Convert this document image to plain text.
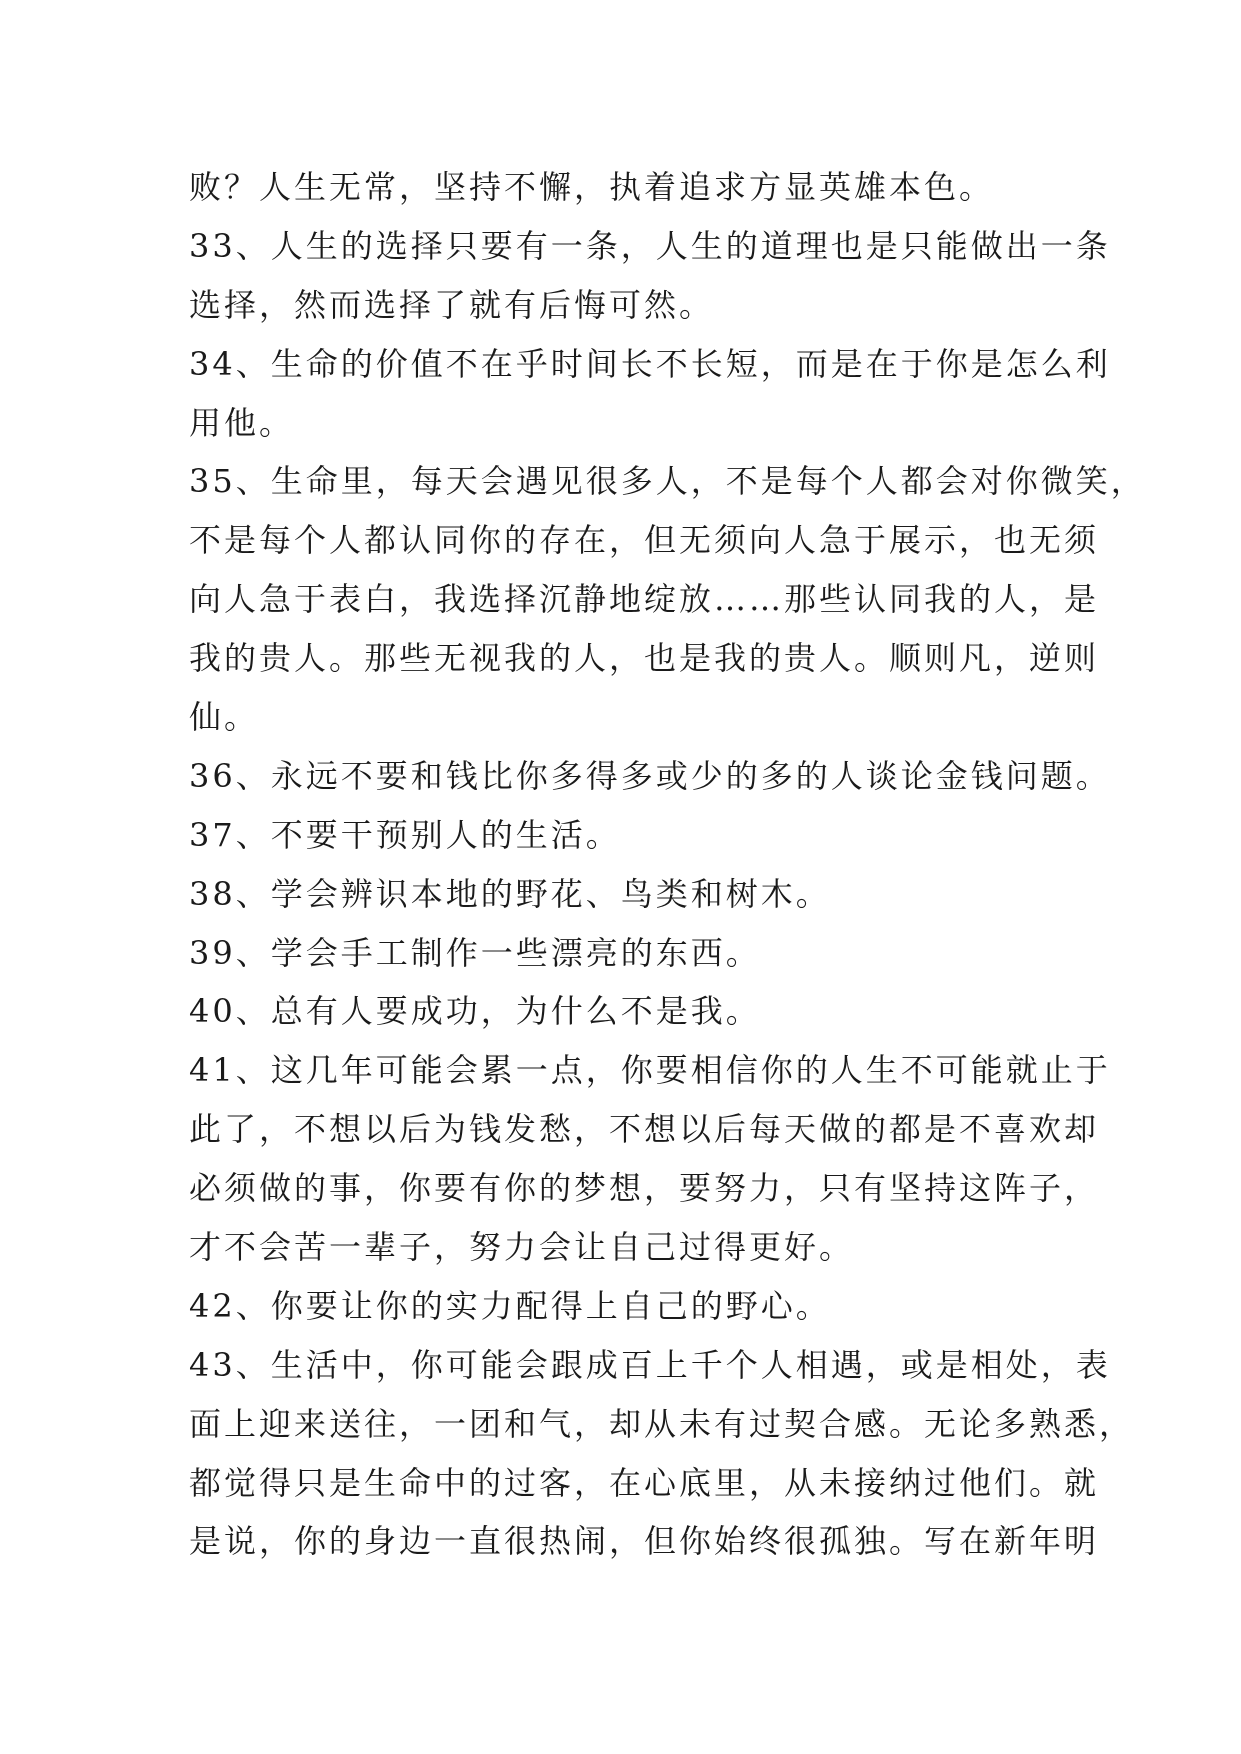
败？人生无常，坚持不懈，执着追求方显英雄本色。
33、人生的选择只要有一条，人生的道理也是只能做出一条
选择，然而选择了就有后悔可然。
34、生命的价值不在乎时间长不长短，而是在于你是怎么利
用他。
35、生命里，每天会遇见很多人，不是每个人都会对你微笑，
不是每个人都认同你的存在，但无须向人急于展示，也无须
向人急于表白，我选择沉静地绽放……那些认同我的人，是
我的贵人。那些无视我的人，也是我的贵人。顺则凡，逆则
仙。
36、永远不要和钱比你多得多或少的多的人谈论金钱问题。
37、不要干预别人的生活。
38、学会辨识本地的野花、鸟类和树木。
39、学会手工制作一些漂亮的东西。
40、总有人要成功，为什么不是我。
41、这几年可能会累一点，你要相信你的人生不可能就止于
此了，不想以后为钱发愁，不想以后每天做的都是不喜欢却
必须做的事，你要有你的梦想，要努力，只有坚持这阵子，
才不会苦一辈子，努力会让自己过得更好。
42、你要让你的实力配得上自己的野心。
43、生活中，你可能会跟成百上千个人相遇，或是相处，表
面上迎来送往，一团和气，却从未有过契合感。无论多熟悉，
都觉得只是生命中的过客，在心底里，从未接纳过他们。就
是说，你的身边一直很热闹，但你始终很孤独。写在新年明
